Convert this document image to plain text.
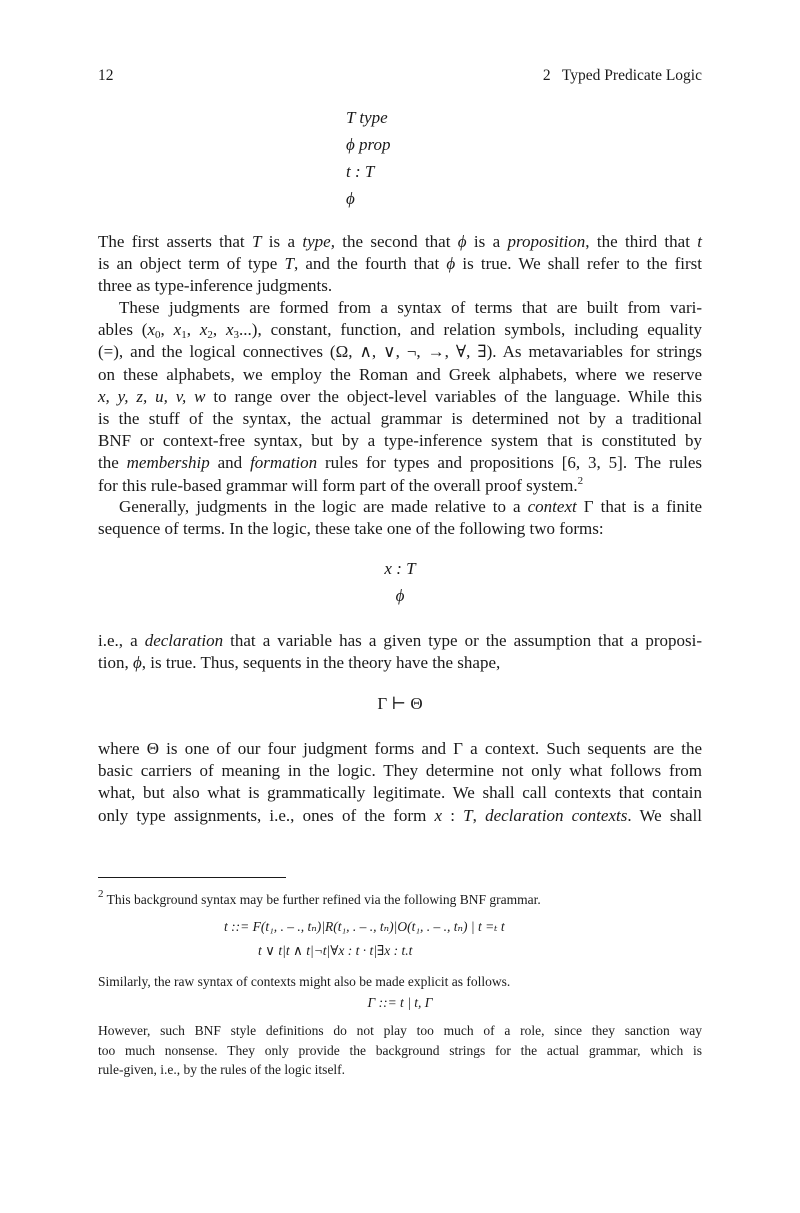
12	2   Typed Predicate Logic
T type
ϕ prop
t : T
ϕ

The first asserts that T is a type, the second that ϕ is a proposition, the third that t
is an object term of type T, and the fourth that ϕ is true. We shall refer to the first
three as type-inference judgments.

These judgments are formed from a syntax of terms that are built from vari-
ables ($x_0$, $x_1$, $x_2$, $x_3$...), constant, function, and relation symbols, including equality
(=), and the logical connectives (Ω, ∧, ∨, ¬, →, ∀, ∃). As metavariables for strings
on these alphabets, we employ the Roman and Greek alphabets, where we reserve
x, y, z, u, v, w to range over the object-level variables of the language. While this
is the stuff of the syntax, the actual grammar is determined not by a traditional
BNF or context-free syntax, but by a type-inference system that is constituted by
the membership and formation rules for types and propositions [6, 3, 5]. The rules
for this rule-based grammar will form part of the overall proof system.$^2$

Generally, judgments in the logic are made relative to a context Γ that is a finite
sequence of terms. In the logic, these take one of the following two forms:

x : T
ϕ

i.e., a declaration that a variable has a given type or the assumption that a proposi-
tion, ϕ, is true. Thus, sequents in the theory have the shape,

Γ ⊢ Θ

where Θ is one of our four judgment forms and Γ a context. Such sequents are the
basic carriers of meaning in the logic. They determine not only what follows from
what, but also what is grammatically legitimate. We shall call contexts that contain
only type assignments, i.e., ones of the form x : T, declaration contexts. We shall

$^2$ This background syntax may be further refined via the following BNF grammar.
t ::= F(t₁, . – ., tₙ)|R(t₁, . – ., tₙ)|O(t₁, . – ., tₙ) | t =ₜ t
t ∨ t|t ∧ t|¬t|∀x : t · t|∃x : t.t
Similarly, the raw syntax of contexts might also be made explicit as follows.
Γ ::= t | t, Γ
However, such BNF style definitions do not play too much of a role, since they sanction way
too much nonsense. They only provide the background strings for the actual grammar, which is
rule-given, i.e., by the rules of the logic itself.
